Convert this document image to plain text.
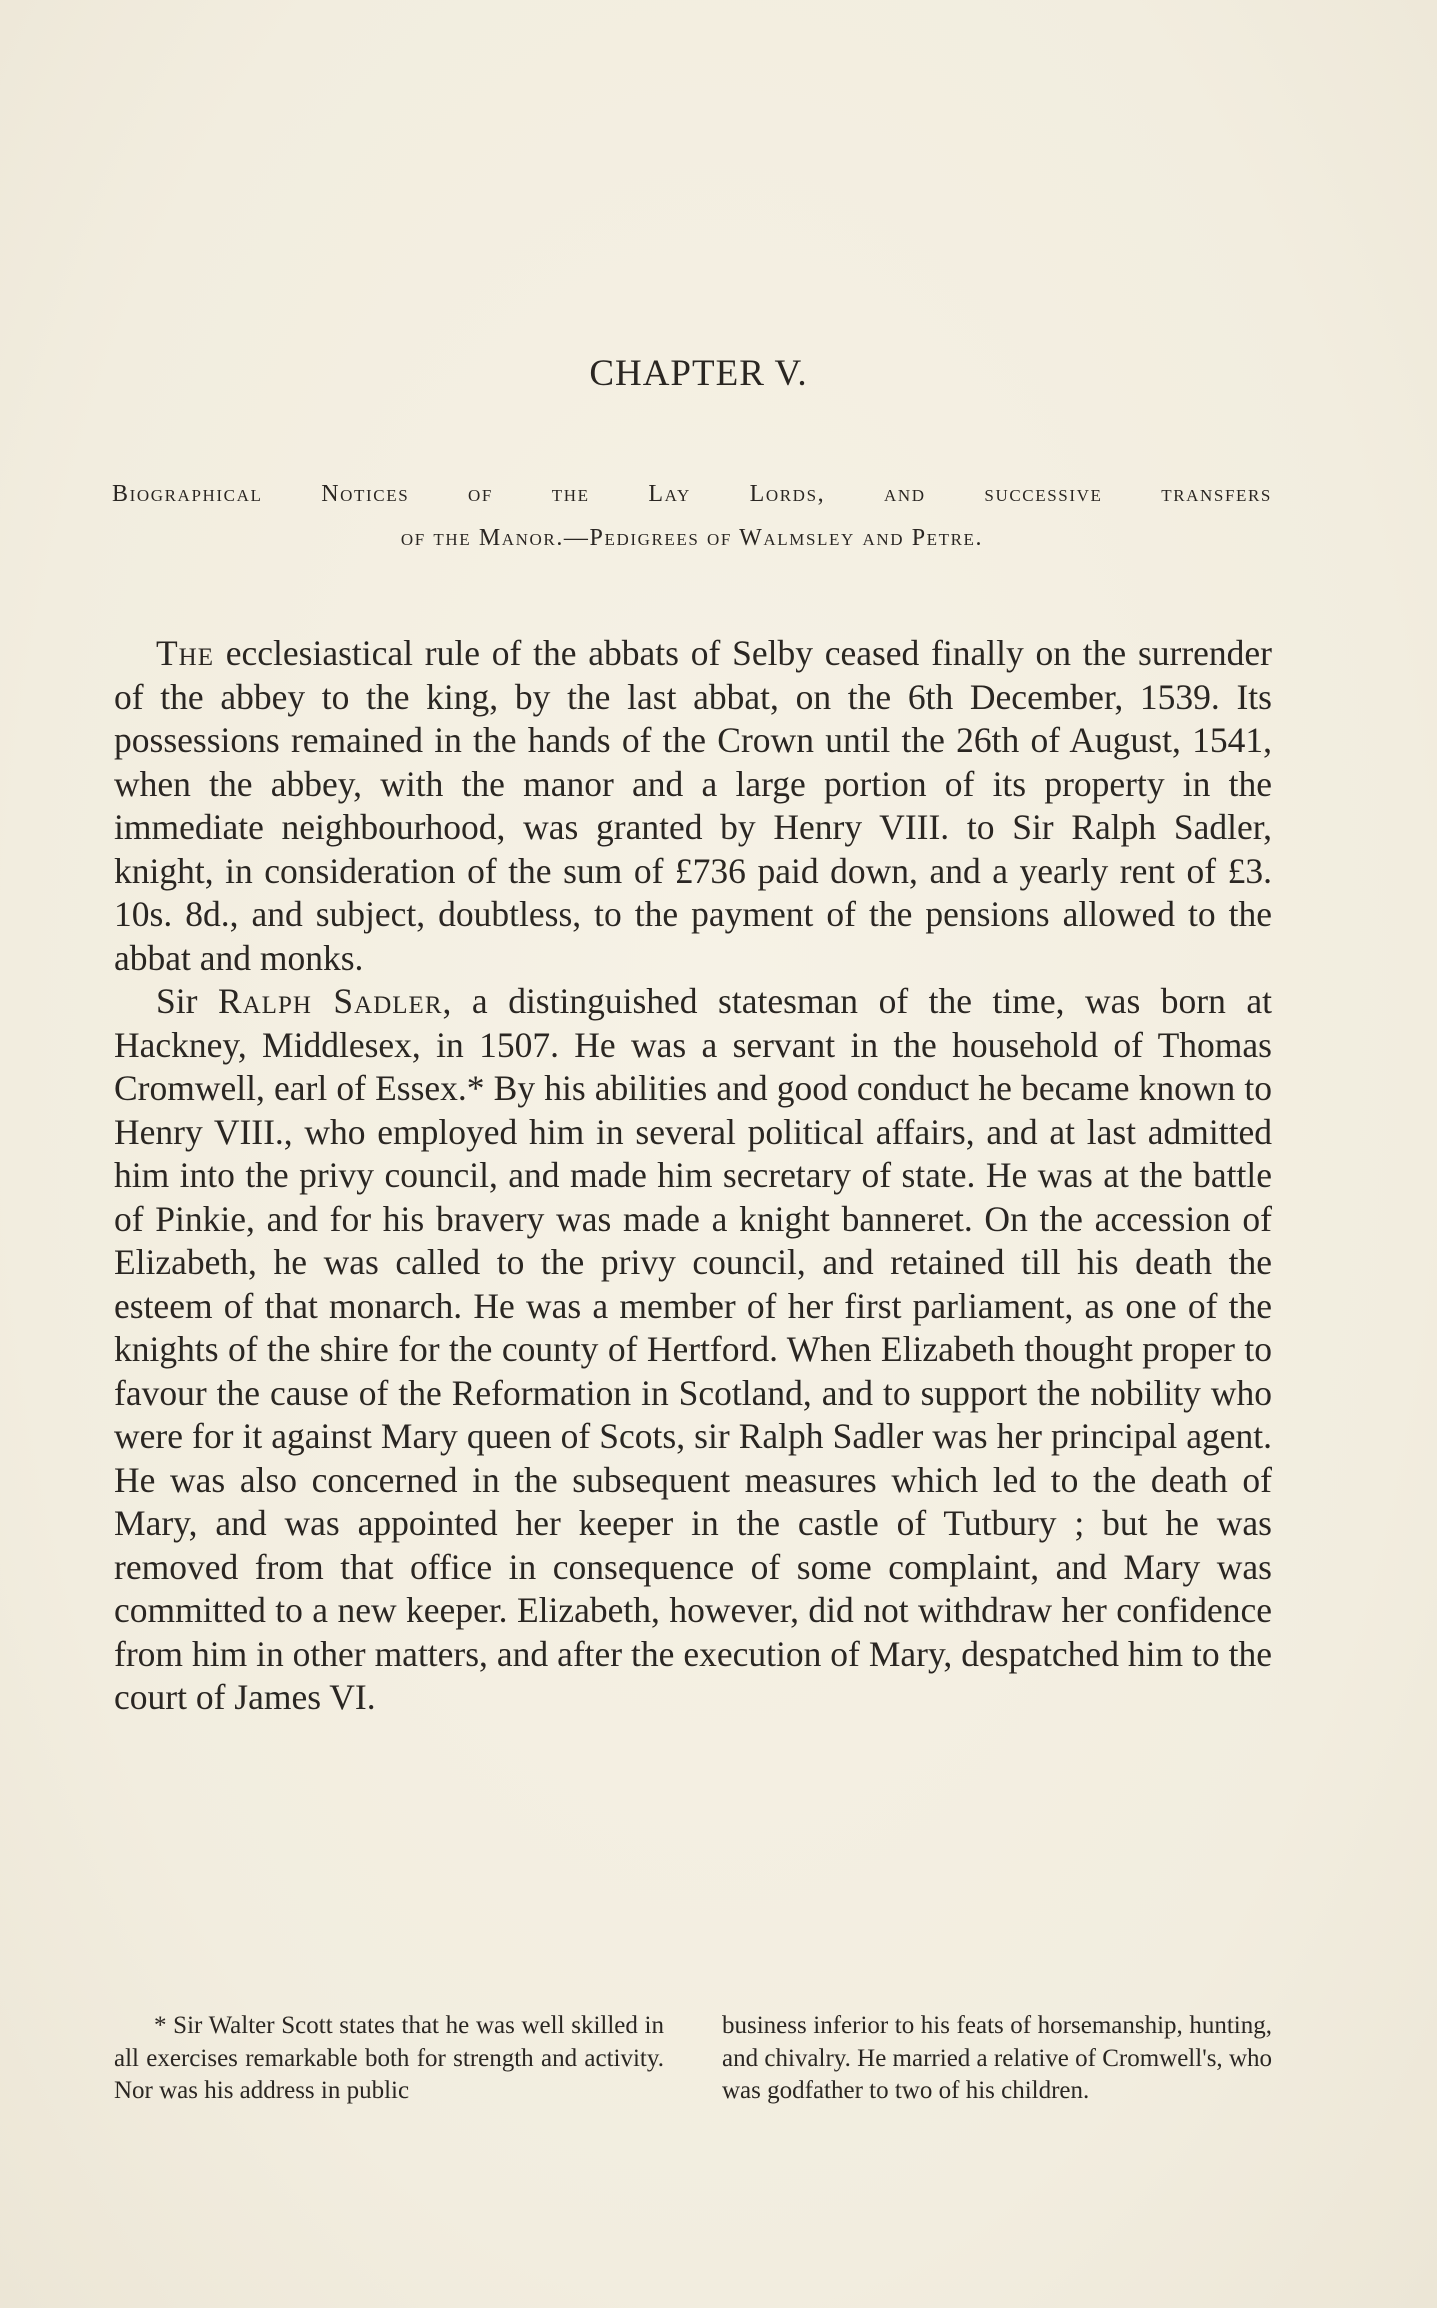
CHAPTER V.
Biographical Notices of the Lay Lords, and successive transfers
of the Manor.—Pedigrees of Walmsley and Petre.

The ecclesiastical rule of the abbats of Selby ceased finally on the surrender of the abbey to the king, by the last abbat, on the 6th December, 1539. Its possessions remained in the hands of the Crown until the 26th of August, 1541, when the abbey, with the manor and a large portion of its property in the immediate neighbourhood, was granted by Henry VIII. to Sir Ralph Sadler, knight, in consideration of the sum of £736 paid down, and a yearly rent of £3. 10s. 8d., and subject, doubtless, to the payment of the pensions allowed to the abbat and monks.

Sir Ralph Sadler, a distinguished statesman of the time, was born at Hackney, Middlesex, in 1507. He was a servant in the household of Thomas Cromwell, earl of Essex.* By his abilities and good conduct he became known to Henry VIII., who employed him in several political affairs, and at last admitted him into the privy council, and made him secretary of state. He was at the battle of Pinkie, and for his bravery was made a knight banneret. On the accession of Elizabeth, he was called to the privy council, and retained till his death the esteem of that monarch. He was a member of her first parliament, as one of the knights of the shire for the county of Hertford. When Elizabeth thought proper to favour the cause of the Reformation in Scotland, and to support the nobility who were for it against Mary queen of Scots, sir Ralph Sadler was her principal agent. He was also concerned in the subsequent measures which led to the death of Mary, and was appointed her keeper in the castle of Tutbury ; but he was removed from that office in consequence of some complaint, and Mary was committed to a new keeper. Elizabeth, however, did not withdraw her confidence from him in other matters, and after the execution of Mary, despatched him to the court of James VI.

* Sir Walter Scott states that he was well skilled in all exercises remarkable both for strength and activity. Nor was his address in public
business inferior to his feats of horsemanship, hunting, and chivalry. He married a relative of Cromwell's, who was godfather to two of his children.
